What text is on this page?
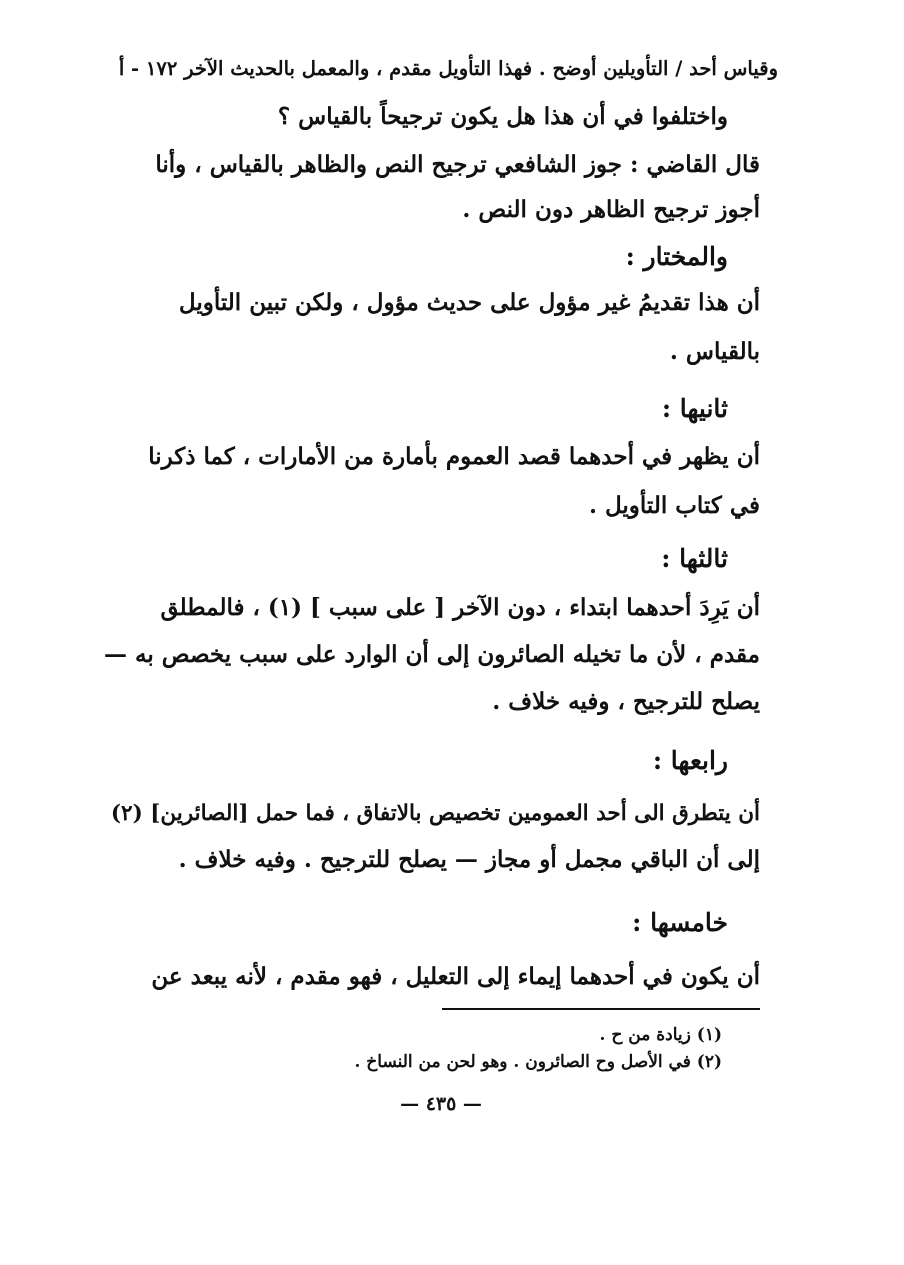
وقياس أحد / التأويلين أوضح . فهذا التأويل مقدم ، والمعمل بالحديث الآخر ١٧٢ - أ
واختلفوا في أن هذا هل يكون ترجيحاً بالقياس ؟
قال القاضي : جوز الشافعي ترجيح النص والظاهر بالقياس ، وأنا
أجوز ترجيح الظاهر دون النص .
والمختار :
أن هذا تقديمُ غير مؤول على حديث مؤول ، ولكن تبين التأويل
بالقياس .
ثانيها :
أن يظهر في أحدهما قصد العموم بأمارة من الأمارات ، كما ذكرنا
في كتاب التأويل .
ثالثها :
أن يَرِدَ أحدهما ابتداء ، دون الآخر [ على سبب ] (١) ، فالمطلق
مقدم ، لأن ما تخيله الصائرون إلى أن الوارد على سبب يخصص به —
يصلح للترجيح ، وفيه خلاف .
رابعها :
أن يتطرق الى أحد العمومين تخصيص بالاتفاق ، فما حمل [الصائرين] (٢)
إلى أن الباقي مجمل أو مجاز — يصلح للترجيح . وفيه خلاف .
خامسها :
أن يكون في أحدهما إيماء إلى التعليل ، فهو مقدم ، لأنه يبعد عن
(١) زيادة من ح .
(٢) في الأصل وح الصائرون . وهو لحن من النساخ .
— ٤٣٥ —
